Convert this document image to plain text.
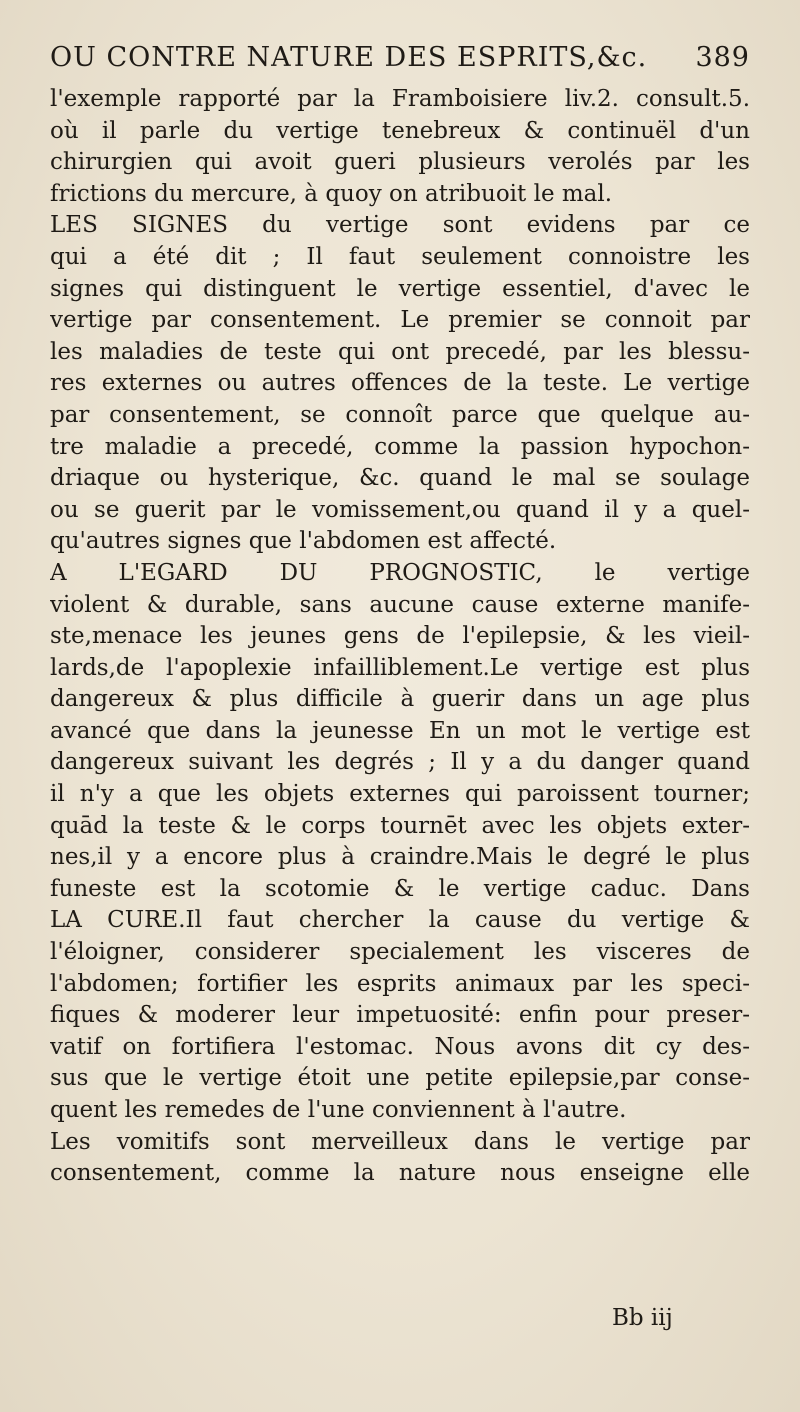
OU CONTRE NATURE DES ESPRITS,&c. 389
l'exemple rapporté par la Framboisiere liv.2. consult.5.
où il parle du vertige tenebreux & continuël d'un
chirurgien qui avoit gueri plusieurs verolés par les
frictions du mercure, à quoy on atribuoit le mal.
LES SIGNES du vertige sont evidens par ce
qui a été dit ; Il faut seulement connoistre les
signes qui distinguent le vertige essentiel, d'avec le
vertige par consentement. Le premier se connoit par
les maladies de teste qui ont precedé, par les blessu-
res externes ou autres offences de la teste. Le vertige
par consentement, se connoît parce que quelque au-
tre maladie a precedé, comme la passion hypochon-
driaque ou hysterique, &c. quand le mal se soulage
ou se guerit par le vomissement,ou quand il y a quel-
qu'autres signes que l'abdomen est affecté.
A L'EGARD DU PROGNOSTIC, le vertige
violent & durable, sans aucune cause externe manife-
ste,menace les jeunes gens de l'epilepsie, & les vieil-
lards,de l'apoplexie infailliblement.Le vertige est plus
dangereux & plus difficile à guerir dans un age plus
avancé que dans la jeunesse En un mot le vertige est
dangereux suivant les degrés ; Il y a du danger quand
il n'y a que les objets externes qui paroissent tourner;
quād la teste & le corps tournēt avec les objets exter-
nes,il y a encore plus à craindre.Mais le degré le plus
funeste est la scotomie & le vertige caduc. Dans
LA CURE.Il faut chercher la cause du vertige &
l'éloigner, considerer specialement les visceres de
l'abdomen; fortifier les esprits animaux par les speci-
fiques & moderer leur impetuosité: enfin pour preser-
vatif on fortifiera l'estomac. Nous avons dit cy des-
sus que le vertige étoit une petite epilepsie,par conse-
quent les remedes de l'une conviennent à l'autre.
Les vomitifs sont merveilleux dans le vertige par
consentement, comme la nature nous enseigne elle
Bb iij
